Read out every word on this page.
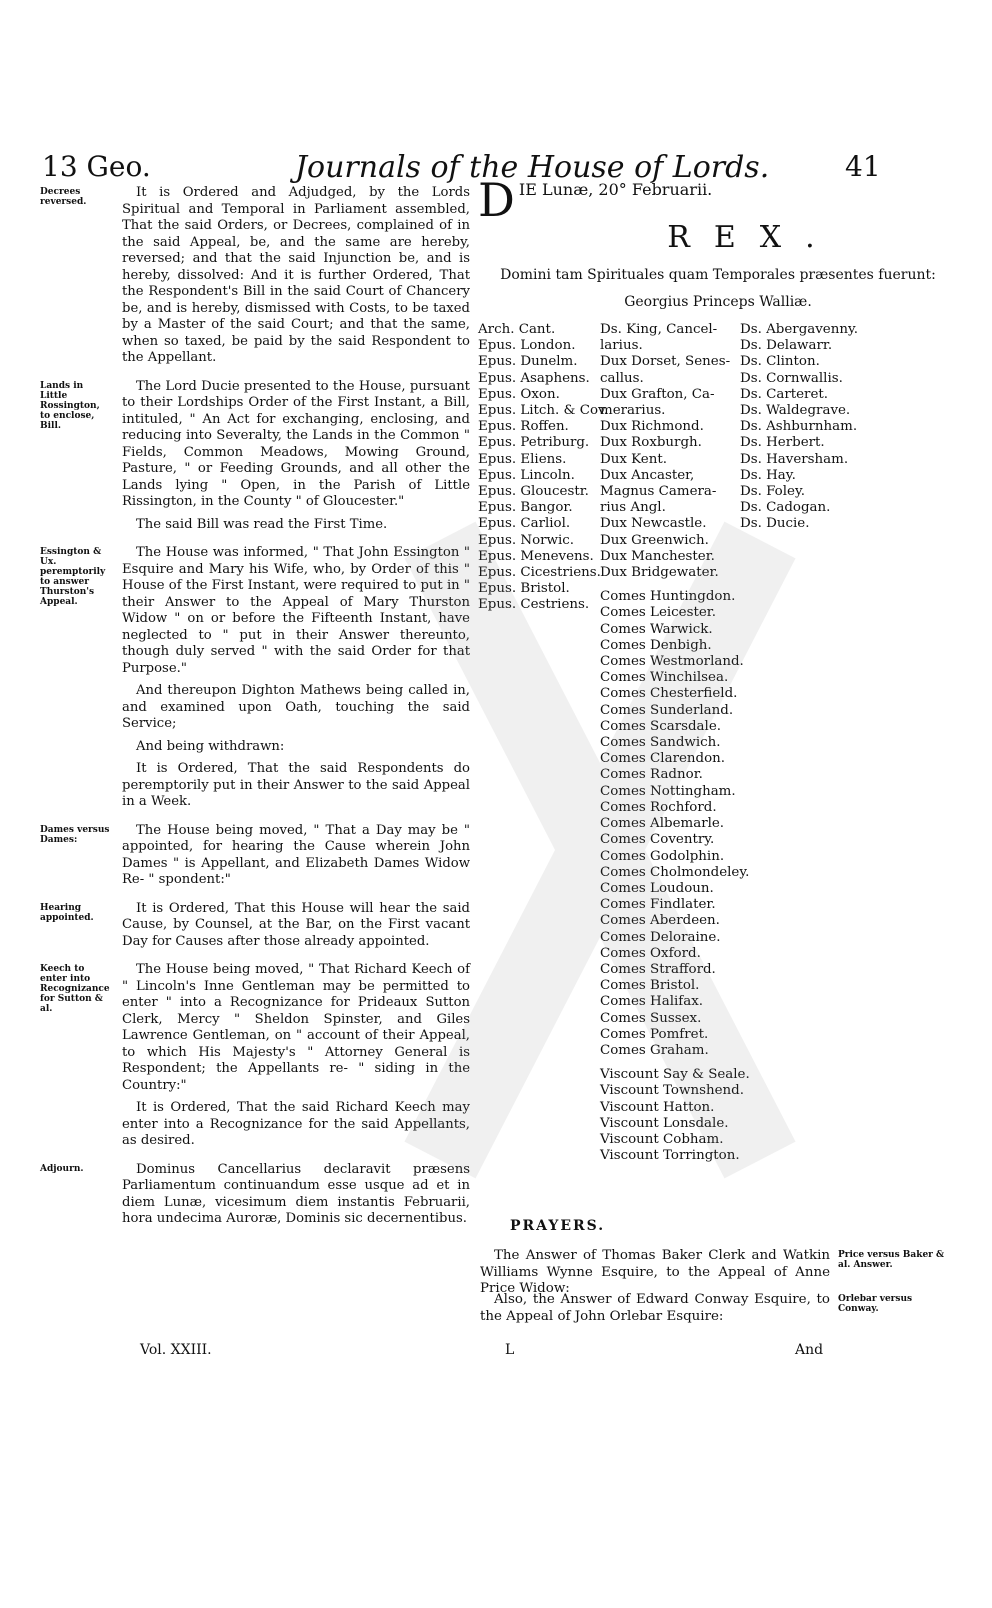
13 Geo.	Journals of the House of Lords.	41
Decrees reversed.

It is Ordered and Adjudged, by the Lords Spiritual and Temporal in Parliament assembled, That the said Orders, or Decrees, complained of in the said Appeal, be, and the same are hereby, reversed; and that the said Injunction be, and is hereby, dissolved: And it is further Ordered, That the Respondent's Bill in the said Court of Chancery be, and is hereby, dismissed with Costs, to be taxed by a Master of the said Court; and that the same, when so taxed, be paid by the said Respondent to the Appellant.

Lands in Little Rossington, to enclose, Bill.

The Lord Ducie presented to the House, pursuant to their Lordships Order of the First Instant, a Bill, intituled, " An Act for exchanging, enclosing, and reducing into Severalty, the Lands in the Common " Fields, Common Meadows, Mowing Ground, Pasture, " or Feeding Grounds, and all other the Lands lying " Open, in the Parish of Little Rissington, in the County " of Gloucester."

The said Bill was read the First Time.

Essington & Ux. peremptorily to answer Thurston's Appeal.

The House was informed, " That John Essington " Esquire and Mary his Wife, who, by Order of this " House of the First Instant, were required to put in " their Answer to the Appeal of Mary Thurston Widow " on or before the Fifteenth Instant, have neglected to " put in their Answer thereunto, though duly served " with the said Order for that Purpose."

And thereupon Dighton Mathews being called in, and examined upon Oath, touching the said Service;

And being withdrawn:

It is Ordered, That the said Respondents do peremptorily put in their Answer to the said Appeal in a Week.

Dames versus Dames:

The House being moved, " That a Day may be " appointed, for hearing the Cause wherein John Dames " is Appellant, and Elizabeth Dames Widow Re- " spondent:"

Hearing appointed.

It is Ordered, That this House will hear the said Cause, by Counsel, at the Bar, on the First vacant Day for Causes after those already appointed.

Keech to enter into Recognizance for Sutton & al.

The House being moved, " That Richard Keech of " Lincoln's Inne Gentleman may be permitted to enter " into a Recognizance for Prideaux Sutton Clerk, Mercy " Sheldon Spinster, and Giles Lawrence Gentleman, on " account of their Appeal, to which His Majesty's " Attorney General is Respondent; the Appellants re- " siding in the Country:"

It is Ordered, That the said Richard Keech may enter into a Recognizance for the said Appellants, as desired.

Adjourn.	Dominus Cancellarius declaravit præsens Parliamentum continuandum esse usque ad et in diem Lunæ, vicesimum diem instantis Februarii, hora undecima Auroræ, Dominis sic decernentibus.

D IE Lunæ, 20° Februarii.
REX.
Domini tam Spirituales quam Temporales præsentes fuerunt:
Georgius Princeps Walliæ.
Arch. Cant.
Epus. London.
Epus. Dunelm.
Epus. Asaphens.
Epus. Oxon.
Epus. Litch. & Cov.
Epus. Roffen.
Epus. Petriburg.
Epus. Eliens.
Epus. Lincoln.
Epus. Gloucestr.
Epus. Bangor.
Epus. Carliol.
Epus. Norwic.
Epus. Menevens.
Epus. Cicestriens.
Epus. Bristol.
Epus. Cestriens.
Ds. King, Cancel-
larius.
Dux Dorset, Senes-
callus.
Dux Grafton, Ca-
merarius.
Dux Richmond.
Dux Roxburgh.
Dux Kent.
Dux Ancaster,
Magnus Camera-
rius Angl.
Dux Newcastle.
Dux Greenwich.
Dux Manchester.
Dux Bridgewater.
Comes Huntingdon.
Comes Leicester.
Comes Warwick.
Comes Denbigh.
Comes Westmorland.
Comes Winchilsea.
Comes Chesterfield.
Comes Sunderland.
Comes Scarsdale.
Comes Sandwich.
Comes Clarendon.
Comes Radnor.
Comes Nottingham.
Comes Rochford.
Comes Albemarle.
Comes Coventry.
Comes Godolphin.
Comes Cholmondeley.
Comes Loudoun.
Comes Findlater.
Comes Aberdeen.
Comes Deloraine.
Comes Oxford.
Comes Strafford.
Comes Bristol.
Comes Halifax.
Comes Sussex.
Comes Pomfret.
Comes Graham.
Viscount Say & Seale.
Viscount Townshend.
Viscount Hatton.
Viscount Lonsdale.
Viscount Cobham.
Viscount Torrington.
Ds. Abergavenny.
Ds. Delawarr.
Ds. Clinton.
Ds. Cornwallis.
Ds. Carteret.
Ds. Waldegrave.
Ds. Ashburnham.
Ds. Herbert.
Ds. Haversham.
Ds. Hay.
Ds. Foley.
Ds. Cadogan.
Ds. Ducie.
PRAYERS.
The Answer of Thomas Baker Clerk and Watkin Williams Wynne Esquire, to the Appeal of Anne Price Widow:
Price versus Baker & al. Answer.
Also, the Answer of Edward Conway Esquire, to the Appeal of John Orlebar Esquire:
Orlebar versus Conway.
Vol. XXIII.	L	And
